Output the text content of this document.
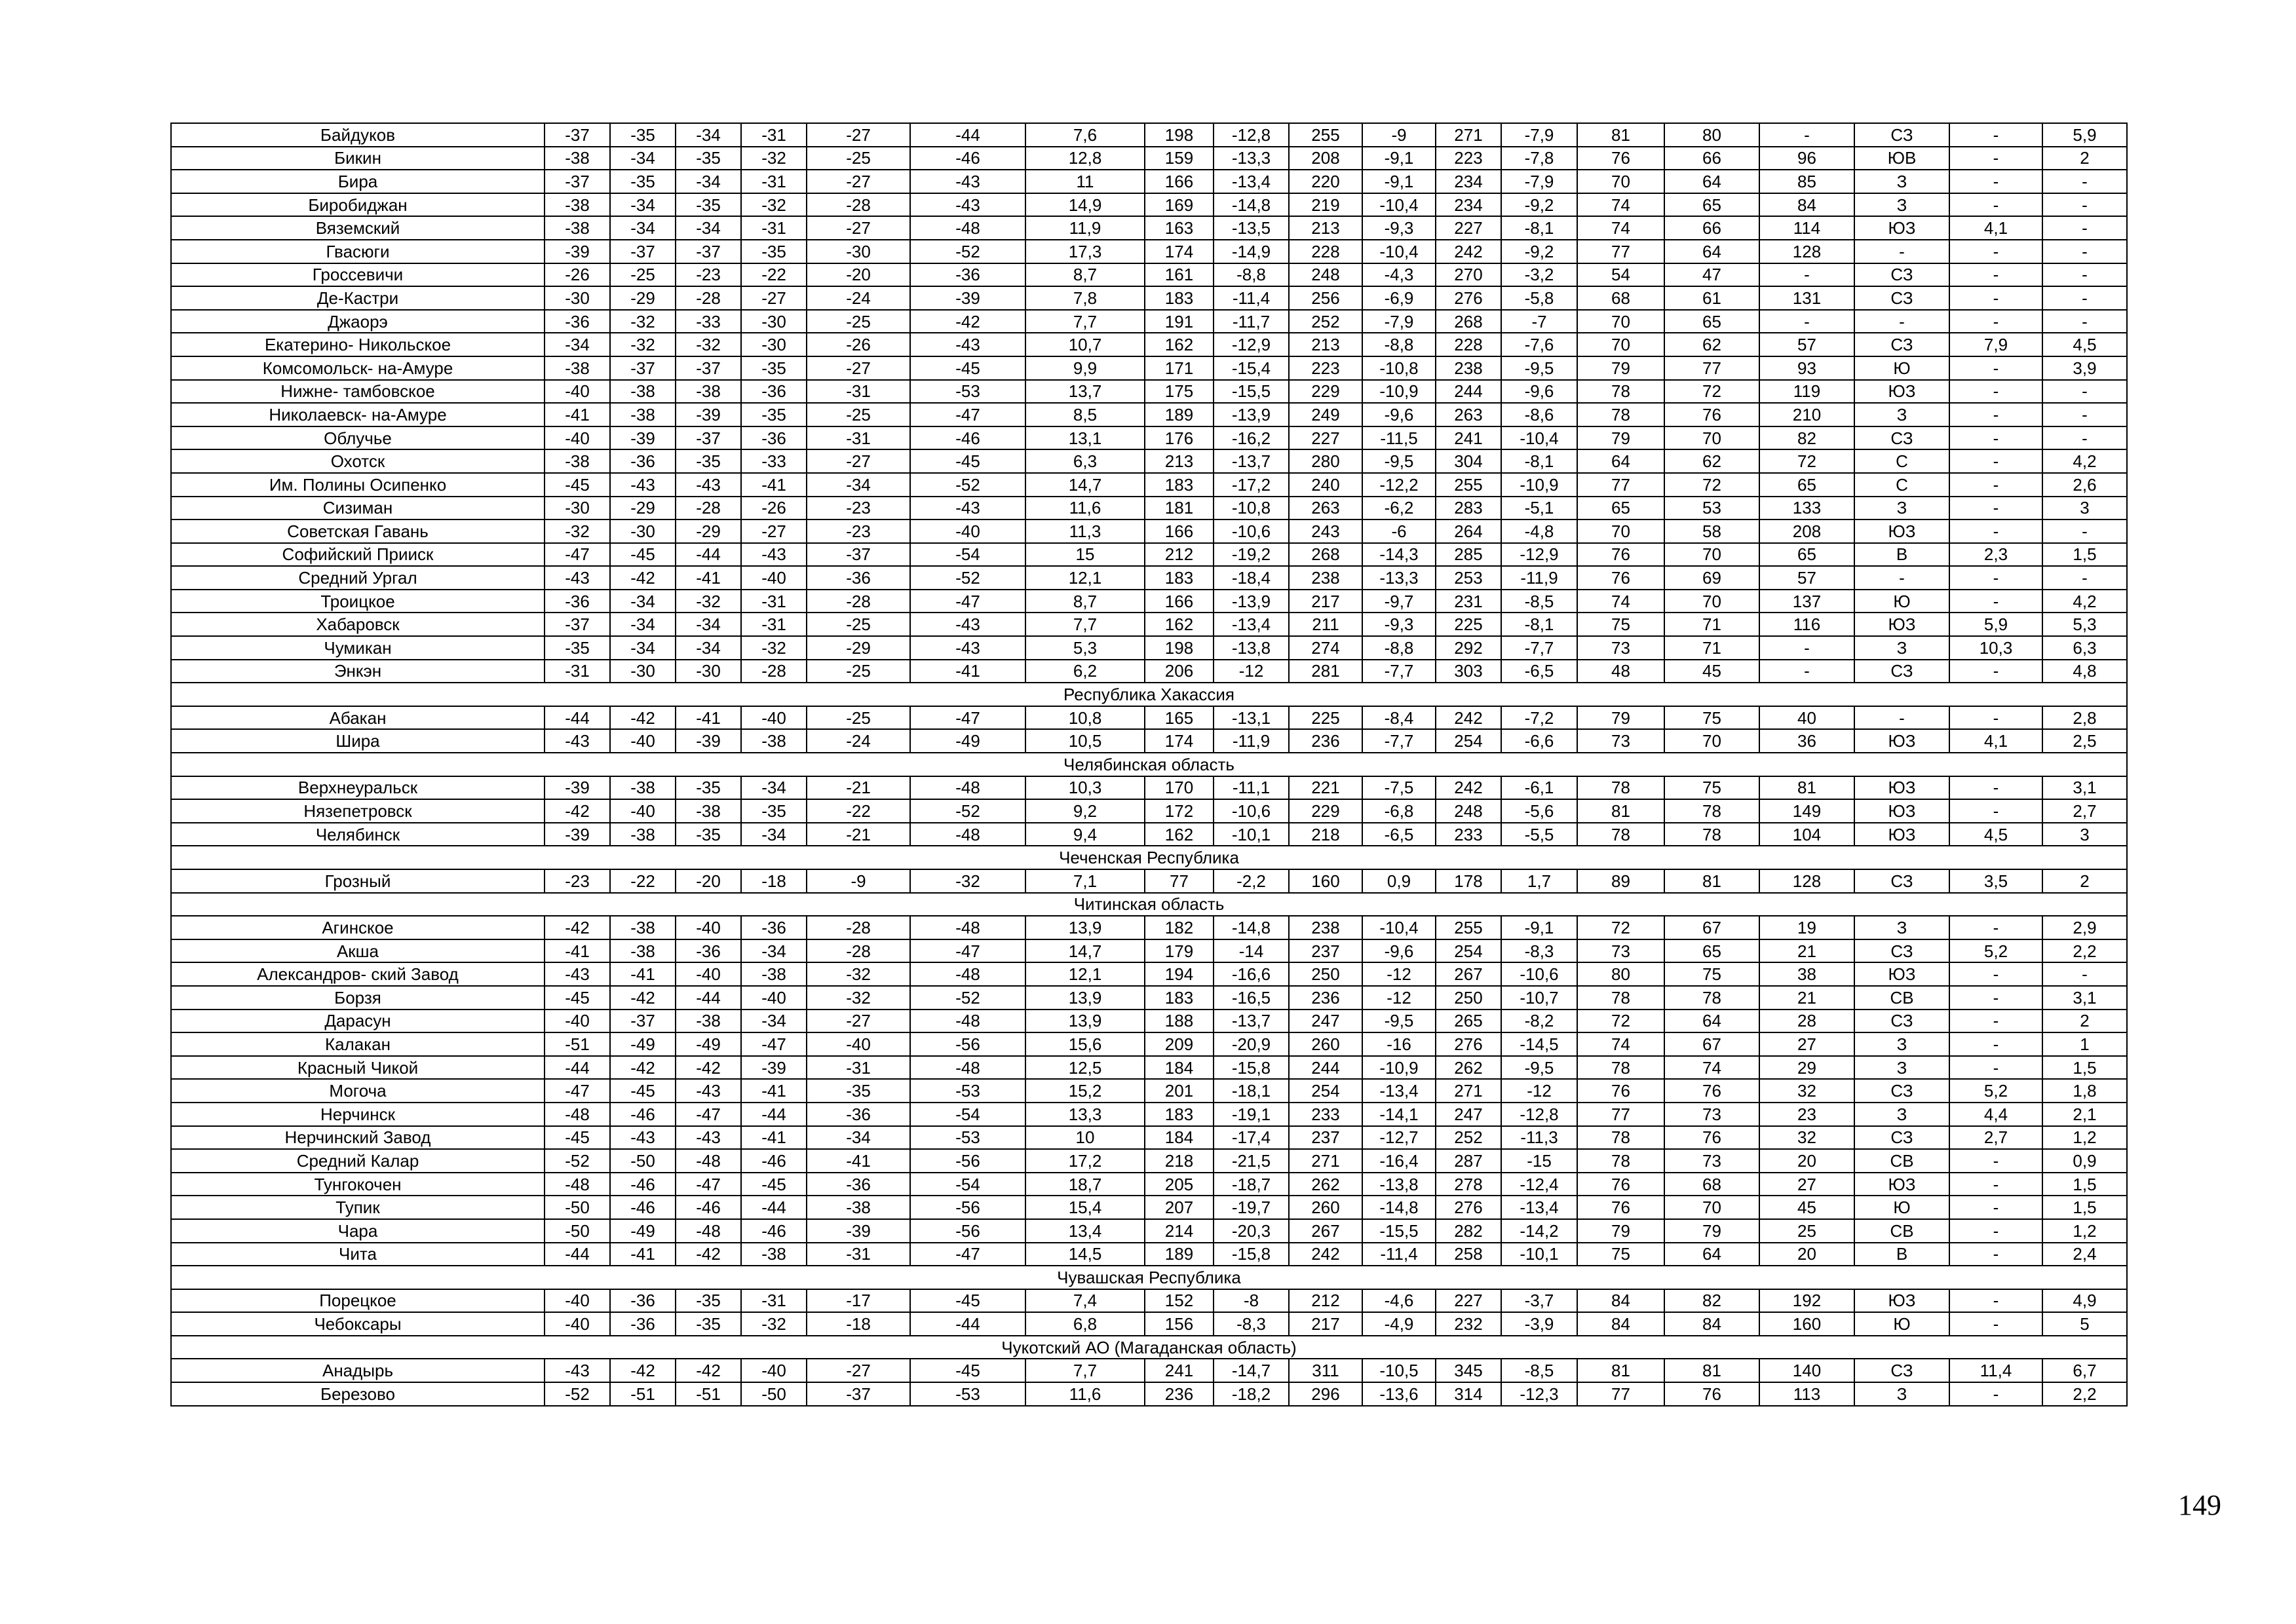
Байдуков	-37	-35	-34	-31	-27	-44	7,6	198	-12,8	255	-9	271	-7,9	81	80	-	СЗ	-	5,9
Бикин	-38	-34	-35	-32	-25	-46	12,8	159	-13,3	208	-9,1	223	-7,8	76	66	96	ЮВ	-	2
Бира	-37	-35	-34	-31	-27	-43	11	166	-13,4	220	-9,1	234	-7,9	70	64	85	З	-	-
Биробиджан	-38	-34	-35	-32	-28	-43	14,9	169	-14,8	219	-10,4	234	-9,2	74	65	84	З	-	-
Вяземский	-38	-34	-34	-31	-27	-48	11,9	163	-13,5	213	-9,3	227	-8,1	74	66	114	ЮЗ	4,1	-
Гвасюги	-39	-37	-37	-35	-30	-52	17,3	174	-14,9	228	-10,4	242	-9,2	77	64	128	-	-	-
Гроссевичи	-26	-25	-23	-22	-20	-36	8,7	161	-8,8	248	-4,3	270	-3,2	54	47	-	СЗ	-	-
Де-Кастри	-30	-29	-28	-27	-24	-39	7,8	183	-11,4	256	-6,9	276	-5,8	68	61	131	СЗ	-	-
Джаорэ	-36	-32	-33	-30	-25	-42	7,7	191	-11,7	252	-7,9	268	-7	70	65	-	-	-	-
Екатерино- Никольское	-34	-32	-32	-30	-26	-43	10,7	162	-12,9	213	-8,8	228	-7,6	70	62	57	СЗ	7,9	4,5
Комсомольск- на-Амуре	-38	-37	-37	-35	-27	-45	9,9	171	-15,4	223	-10,8	238	-9,5	79	77	93	Ю	-	3,9
Нижне- тамбовское	-40	-38	-38	-36	-31	-53	13,7	175	-15,5	229	-10,9	244	-9,6	78	72	119	ЮЗ	-	-
Николаевск- на-Амуре	-41	-38	-39	-35	-25	-47	8,5	189	-13,9	249	-9,6	263	-8,6	78	76	210	З	-	-
Облучье	-40	-39	-37	-36	-31	-46	13,1	176	-16,2	227	-11,5	241	-10,4	79	70	82	СЗ	-	-
Охотск	-38	-36	-35	-33	-27	-45	6,3	213	-13,7	280	-9,5	304	-8,1	64	62	72	С	-	4,2
Им. Полины Осипенко	-45	-43	-43	-41	-34	-52	14,7	183	-17,2	240	-12,2	255	-10,9	77	72	65	С	-	2,6
Сизиман	-30	-29	-28	-26	-23	-43	11,6	181	-10,8	263	-6,2	283	-5,1	65	53	133	З	-	3
Советская Гавань	-32	-30	-29	-27	-23	-40	11,3	166	-10,6	243	-6	264	-4,8	70	58	208	ЮЗ	-	-
Софийский Прииск	-47	-45	-44	-43	-37	-54	15	212	-19,2	268	-14,3	285	-12,9	76	70	65	В	2,3	1,5
Средний Ургал	-43	-42	-41	-40	-36	-52	12,1	183	-18,4	238	-13,3	253	-11,9	76	69	57	-	-	-
Троицкое	-36	-34	-32	-31	-28	-47	8,7	166	-13,9	217	-9,7	231	-8,5	74	70	137	Ю	-	4,2
Хабаровск	-37	-34	-34	-31	-25	-43	7,7	162	-13,4	211	-9,3	225	-8,1	75	71	116	ЮЗ	5,9	5,3
Чумикан	-35	-34	-34	-32	-29	-43	5,3	198	-13,8	274	-8,8	292	-7,7	73	71	-	З	10,3	6,3
Энкэн	-31	-30	-30	-28	-25	-41	6,2	206	-12	281	-7,7	303	-6,5	48	45	-	СЗ	-	4,8
Республика Хакассия																			
Абакан	-44	-42	-41	-40	-25	-47	10,8	165	-13,1	225	-8,4	242	-7,2	79	75	40	-	-	2,8
Шира	-43	-40	-39	-38	-24	-49	10,5	174	-11,9	236	-7,7	254	-6,6	73	70	36	ЮЗ	4,1	2,5
Челябинская область																			
Верхнеуральск	-39	-38	-35	-34	-21	-48	10,3	170	-11,1	221	-7,5	242	-6,1	78	75	81	ЮЗ	-	3,1
Нязепетровск	-42	-40	-38	-35	-22	-52	9,2	172	-10,6	229	-6,8	248	-5,6	81	78	149	ЮЗ	-	2,7
Челябинск	-39	-38	-35	-34	-21	-48	9,4	162	-10,1	218	-6,5	233	-5,5	78	78	104	ЮЗ	4,5	3
Чеченская Республика																			
Грозный	-23	-22	-20	-18	-9	-32	7,1	77	-2,2	160	0,9	178	1,7	89	81	128	СЗ	3,5	2
Читинская область																			
Агинское	-42	-38	-40	-36	-28	-48	13,9	182	-14,8	238	-10,4	255	-9,1	72	67	19	З	-	2,9
Акша	-41	-38	-36	-34	-28	-47	14,7	179	-14	237	-9,6	254	-8,3	73	65	21	СЗ	5,2	2,2
Александров- ский Завод	-43	-41	-40	-38	-32	-48	12,1	194	-16,6	250	-12	267	-10,6	80	75	38	ЮЗ	-	-
Борзя	-45	-42	-44	-40	-32	-52	13,9	183	-16,5	236	-12	250	-10,7	78	78	21	СВ	-	3,1
Дарасун	-40	-37	-38	-34	-27	-48	13,9	188	-13,7	247	-9,5	265	-8,2	72	64	28	СЗ	-	2
Калакан	-51	-49	-49	-47	-40	-56	15,6	209	-20,9	260	-16	276	-14,5	74	67	27	З	-	1
Красный Чикой	-44	-42	-42	-39	-31	-48	12,5	184	-15,8	244	-10,9	262	-9,5	78	74	29	З	-	1,5
Могоча	-47	-45	-43	-41	-35	-53	15,2	201	-18,1	254	-13,4	271	-12	76	76	32	СЗ	5,2	1,8
Нерчинск	-48	-46	-47	-44	-36	-54	13,3	183	-19,1	233	-14,1	247	-12,8	77	73	23	З	4,4	2,1
Нерчинский Завод	-45	-43	-43	-41	-34	-53	10	184	-17,4	237	-12,7	252	-11,3	78	76	32	СЗ	2,7	1,2
Средний Калар	-52	-50	-48	-46	-41	-56	17,2	218	-21,5	271	-16,4	287	-15	78	73	20	СВ	-	0,9
Тунгокочен	-48	-46	-47	-45	-36	-54	18,7	205	-18,7	262	-13,8	278	-12,4	76	68	27	ЮЗ	-	1,5
Тупик	-50	-46	-46	-44	-38	-56	15,4	207	-19,7	260	-14,8	276	-13,4	76	70	45	Ю	-	1,5
Чара	-50	-49	-48	-46	-39	-56	13,4	214	-20,3	267	-15,5	282	-14,2	79	79	25	СВ	-	1,2
Чита	-44	-41	-42	-38	-31	-47	14,5	189	-15,8	242	-11,4	258	-10,1	75	64	20	В	-	2,4
Чувашская Республика																			
Порецкое	-40	-36	-35	-31	-17	-45	7,4	152	-8	212	-4,6	227	-3,7	84	82	192	ЮЗ	-	4,9
Чебоксары	-40	-36	-35	-32	-18	-44	6,8	156	-8,3	217	-4,9	232	-3,9	84	84	160	Ю	-	5
Чукотский АО (Магаданская область)																			
Анадырь	-43	-42	-42	-40	-27	-45	7,7	241	-14,7	311	-10,5	345	-8,5	81	81	140	СЗ	11,4	6,7
Березово	-52	-51	-51	-50	-37	-53	11,6	236	-18,2	296	-13,6	314	-12,3	77	76	113	З	-	2,2
149
